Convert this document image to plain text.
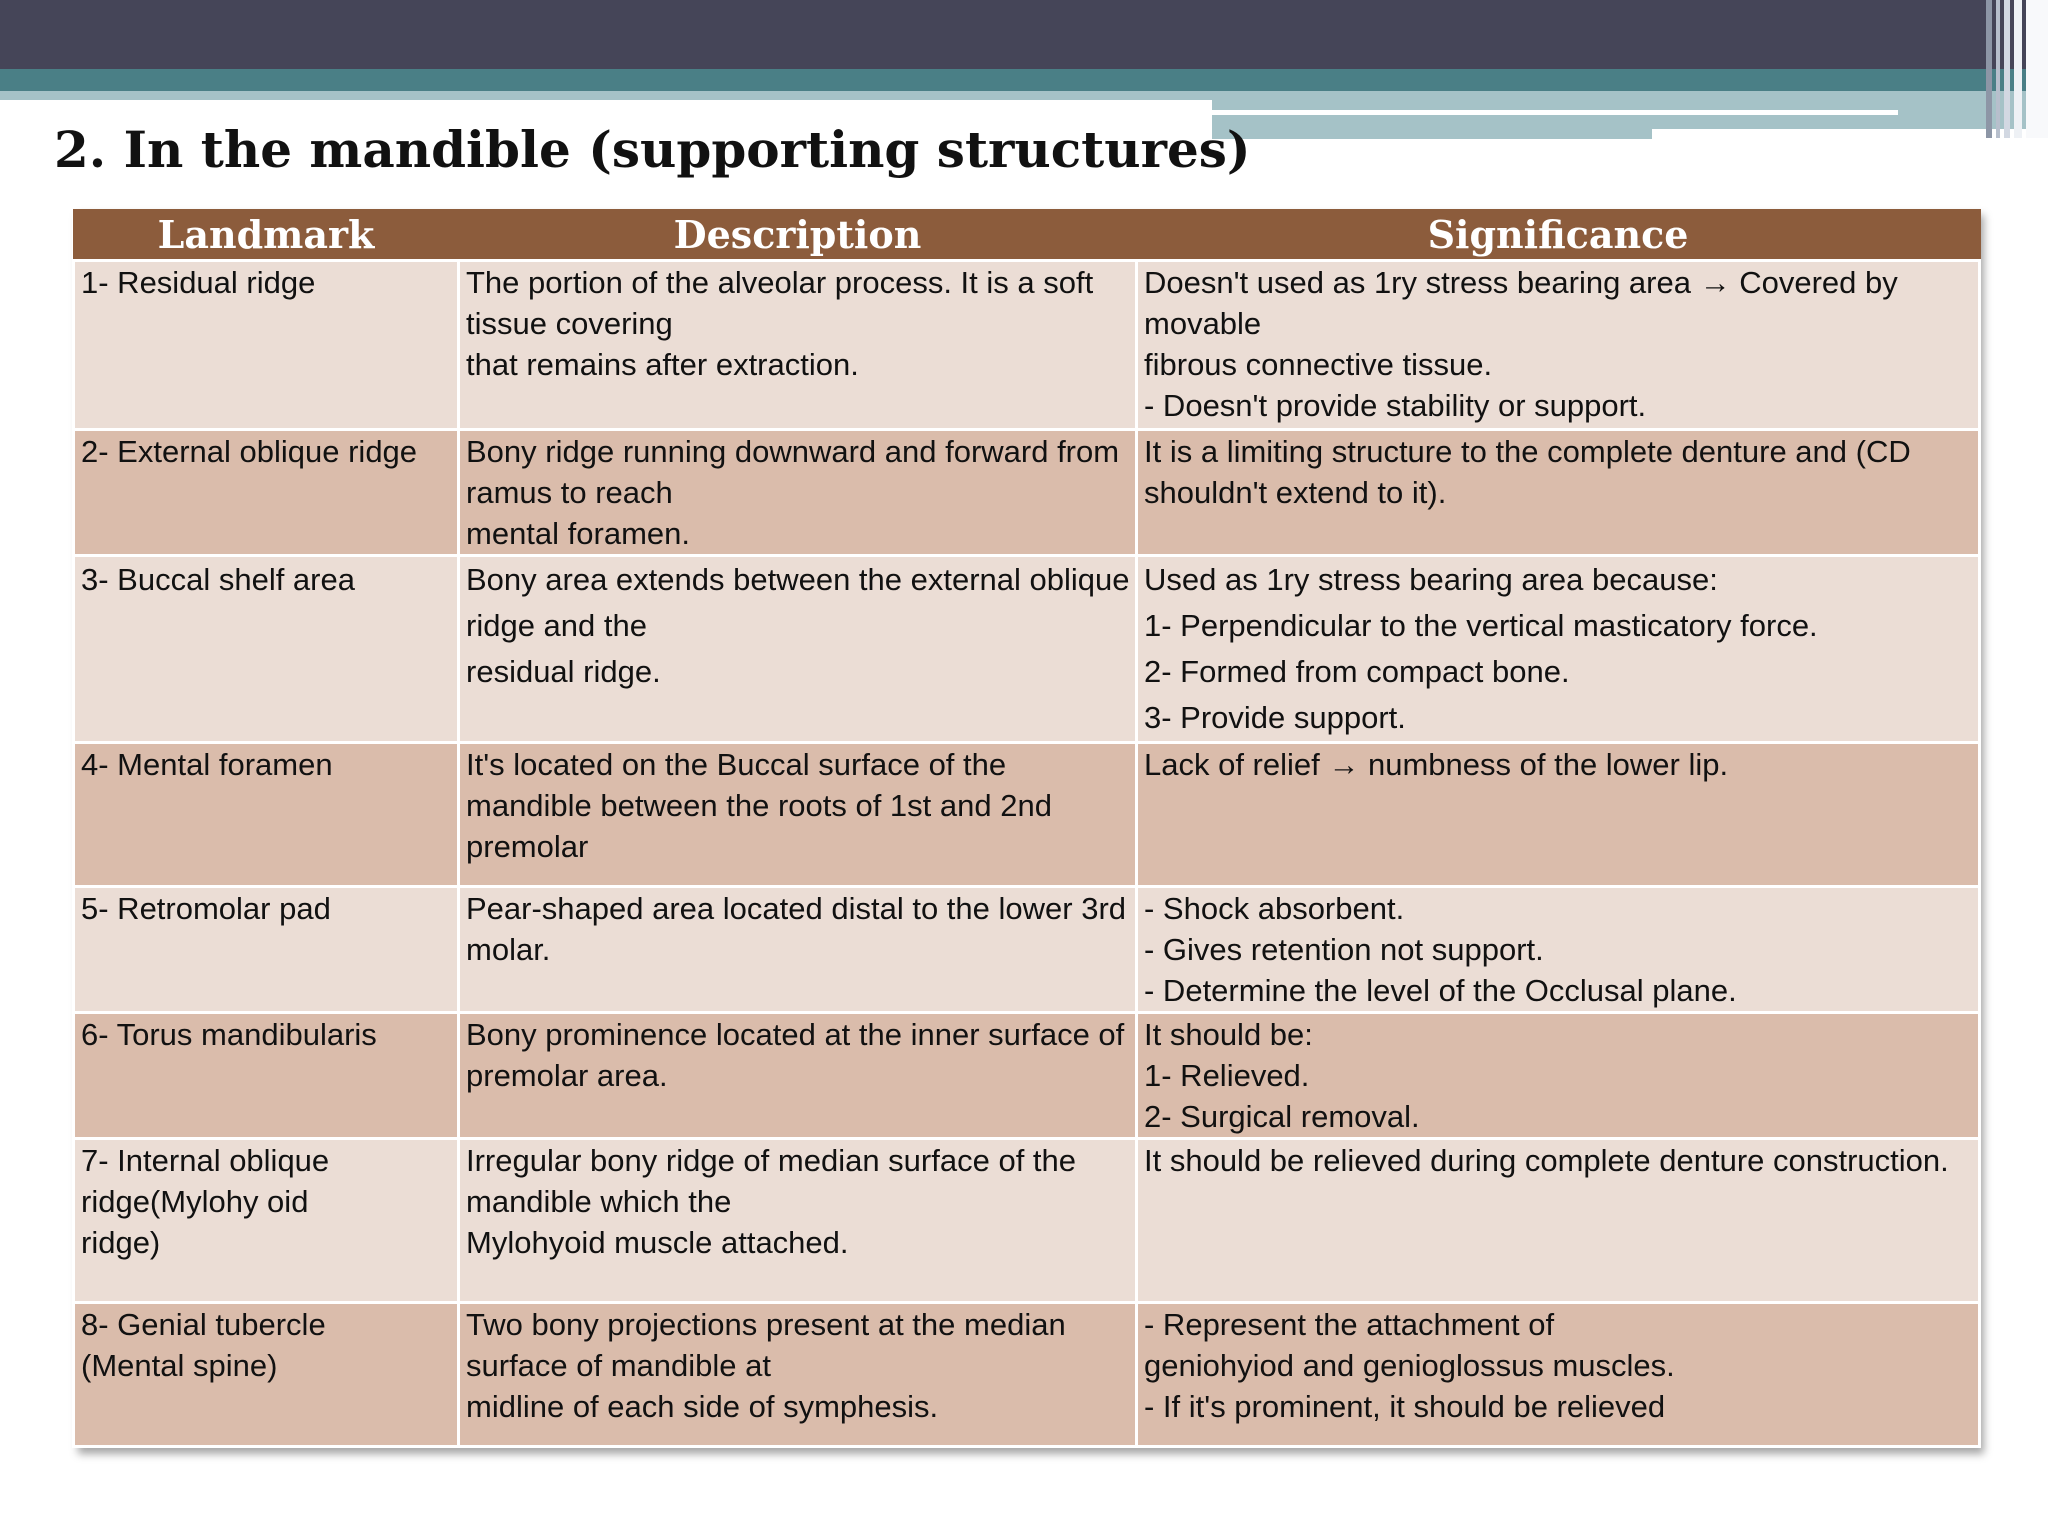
2. In the mandible (supporting structures)
Landmark	Description	Significance

1- Residual ridge	The portion of the alveolar process. It is a soft
tissue covering
that remains after extraction.	Doesn't used as 1ry stress bearing area → Covered by
movable
fibrous connective tissue.
- Doesn't provide stability or support.

2- External oblique ridge	Bony ridge running downward and forward from
ramus to reach
mental foramen.	It is a limiting structure to the complete denture and (CD
shouldn't extend to it).

3- Buccal shelf area	Bony area extends between the external oblique
ridge and the
residual ridge.	Used as 1ry stress bearing area because:
1- Perpendicular to the vertical masticatory force.
2- Formed from compact bone.
3- Provide support.

4- Mental foramen	It's located on the Buccal surface of the
mandible between the roots of 1st and 2nd
premolar	Lack of relief → numbness of the lower lip.

5- Retromolar pad	Pear-shaped area located distal to the lower 3rd
molar.	- Shock absorbent.
- Gives retention not support.
- Determine the level of the Occlusal plane.

6- Torus mandibularis	Bony prominence located at the inner surface of
premolar area.	It should be:
1- Relieved.
2- Surgical removal.

7- Internal oblique
ridge(Mylohy oid
ridge)	Irregular bony ridge of median surface of the
mandible which the
Mylohyoid muscle attached.	It should be relieved during complete denture construction.

8- Genial tubercle
(Mental spine)	Two bony projections present at the median
surface of mandible at
midline of each side of symphesis.	- Represent the attachment of
geniohyiod and genioglossus muscles.
- If it's prominent, it should be relieved
